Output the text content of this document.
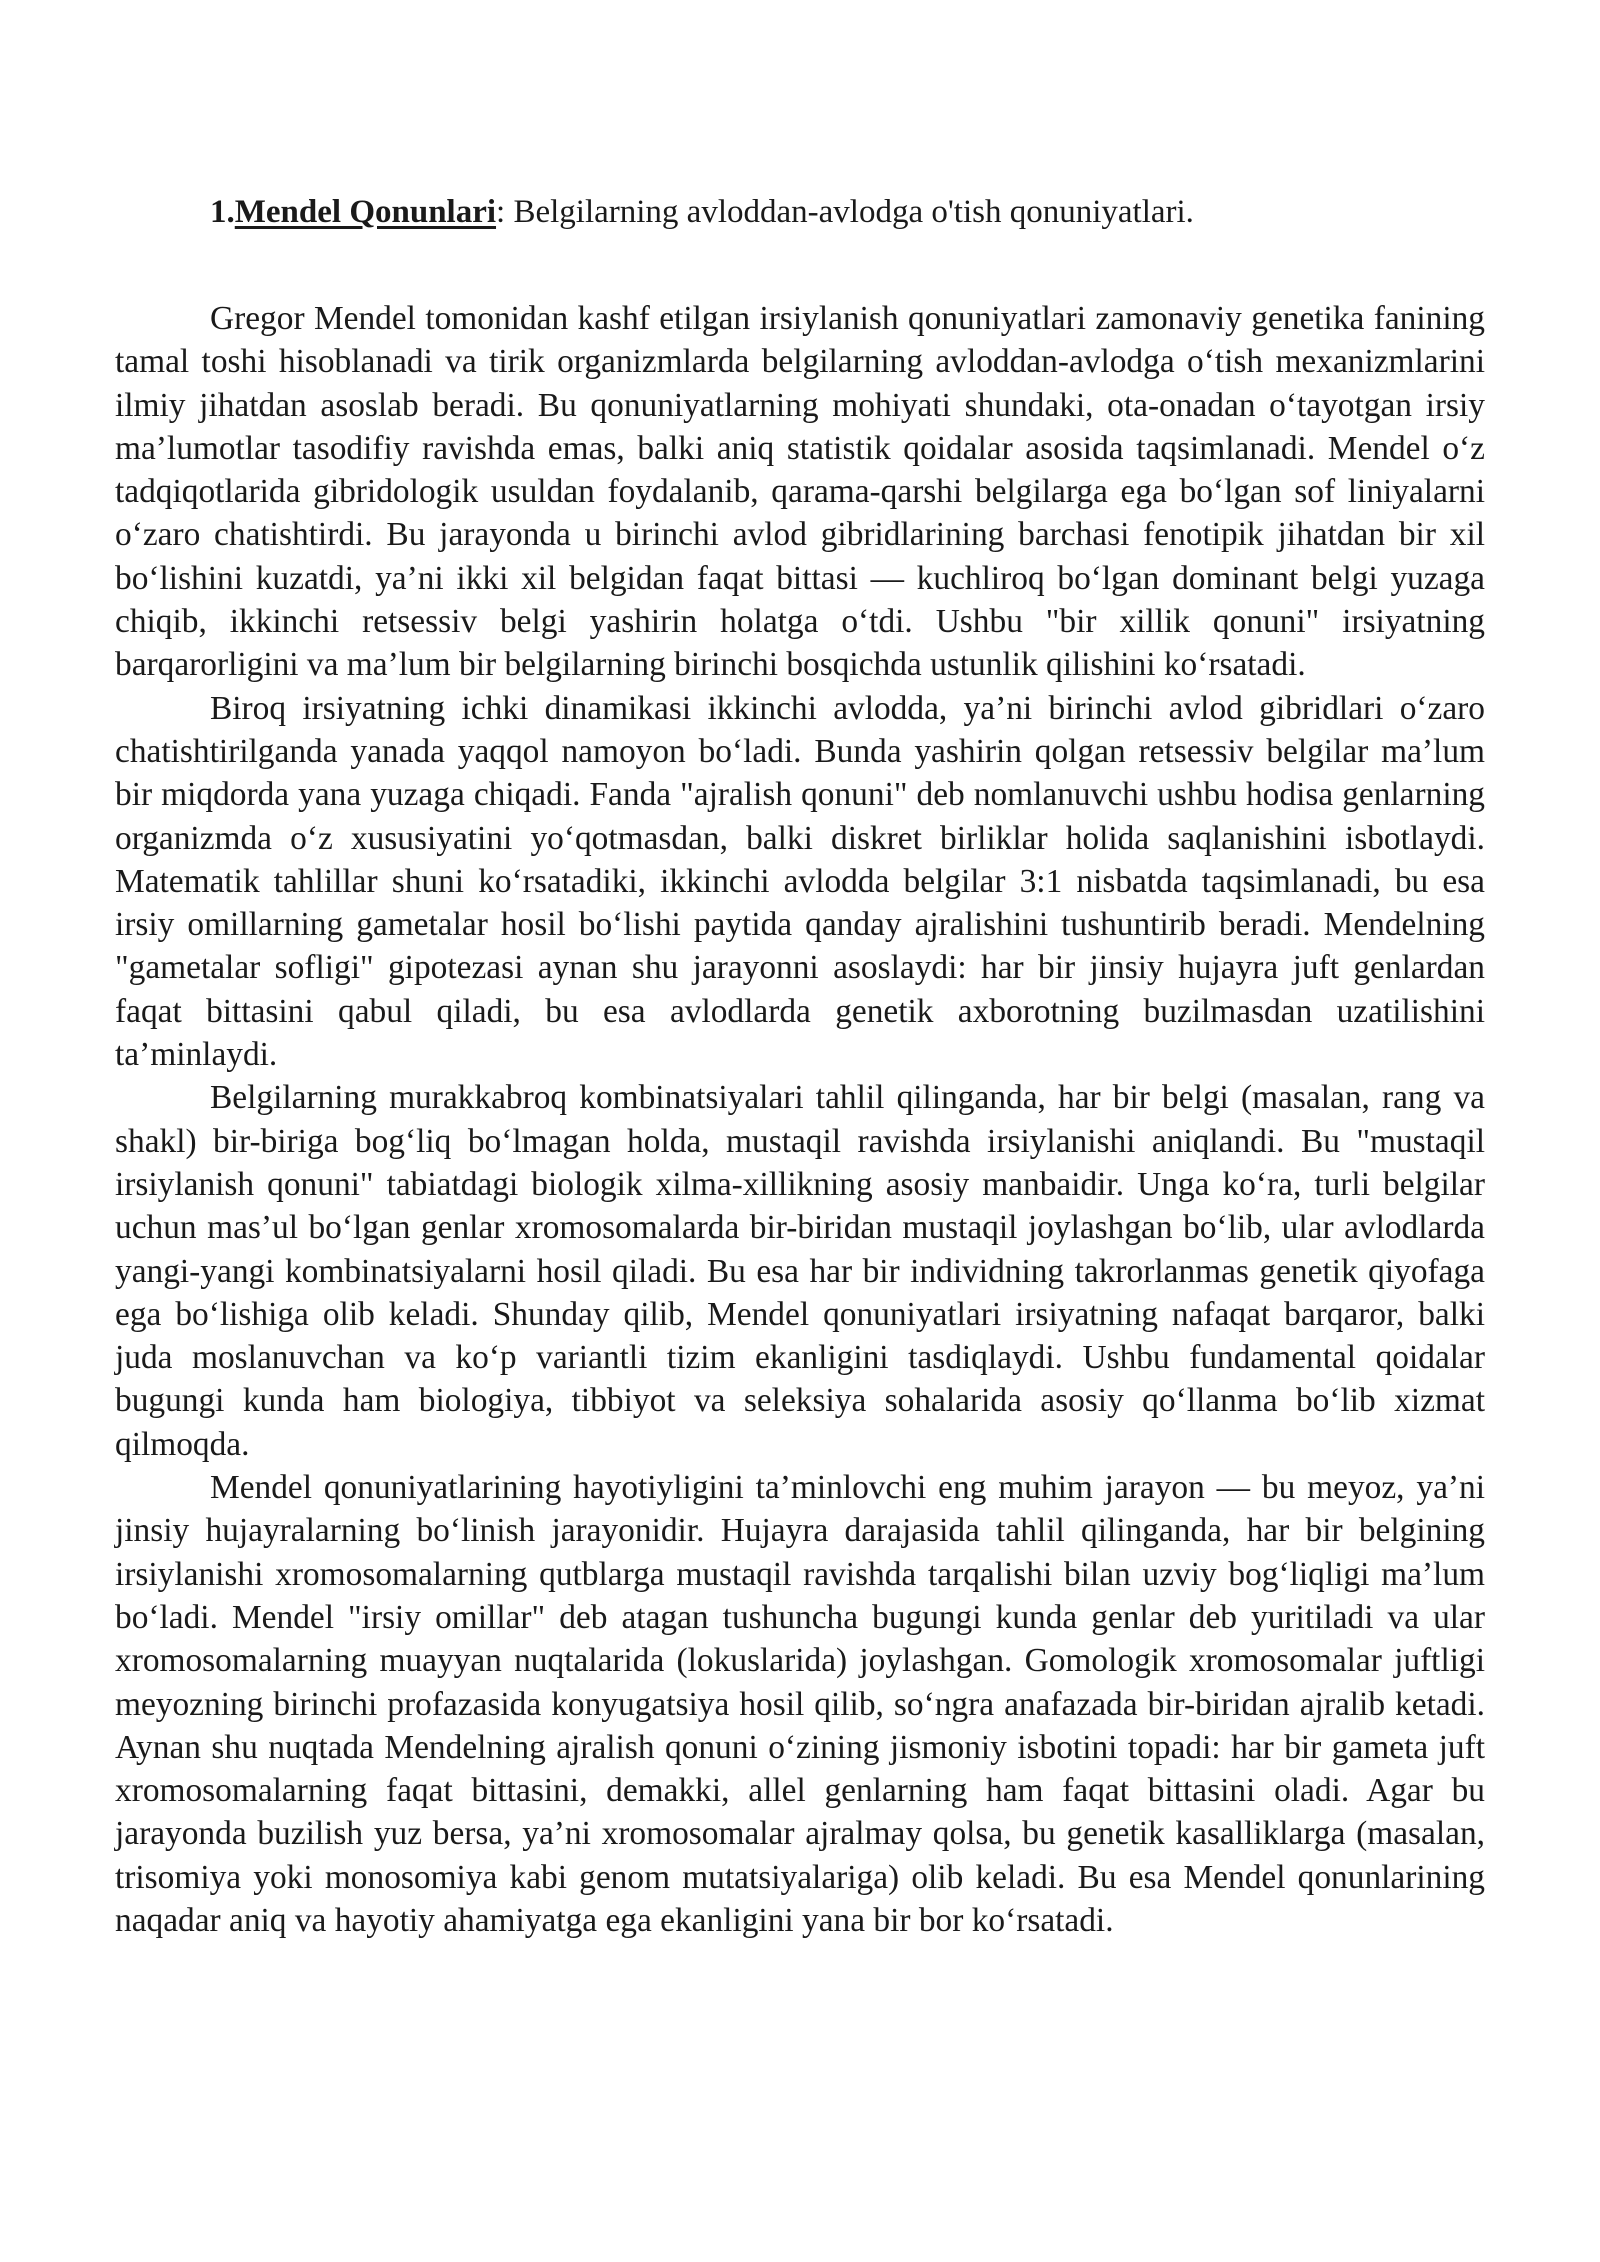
1.Mendel Qonunlari: Belgilarning avloddan-avlodga o'tish qonuniyatlari.

Gregor Mendel tomonidan kashf etilgan irsiylanish qonuniyatlari zamonaviy genetika fanining tamal toshi hisoblanadi va tirik organizmlarda belgilarning avloddan-avlodga o‘tish mexanizmlarini ilmiy jihatdan asoslab beradi. Bu qonuniyatlarning mohiyati shundaki, ota-onadan o‘tayotgan irsiy ma’lumotlar tasodifiy ravishda emas, balki aniq statistik qoidalar asosida taqsimlanadi. Mendel o‘z tadqiqotlarida gibridologik usuldan foydalanib, qarama-qarshi belgilarga ega bo‘lgan sof liniyalarni o‘zaro chatishtirdi. Bu jarayonda u birinchi avlod gibridlarining barchasi fenotipik jihatdan bir xil bo‘lishini kuzatdi, ya’ni ikki xil belgidan faqat bittasi — kuchliroq bo‘lgan dominant belgi yuzaga chiqib, ikkinchi retsessiv belgi yashirin holatga o‘tdi. Ushbu "bir xillik qonuni" irsiyatning barqarorligini va ma’lum bir belgilarning birinchi bosqichda ustunlik qilishini ko‘rsatadi.

Biroq irsiyatning ichki dinamikasi ikkinchi avlodda, ya’ni birinchi avlod gibridlari o‘zaro chatishtirilganda yanada yaqqol namoyon bo‘ladi. Bunda yashirin qolgan retsessiv belgilar ma’lum bir miqdorda yana yuzaga chiqadi. Fanda "ajralish qonuni" deb nomlanuvchi ushbu hodisa genlarning organizmda o‘z xususiyatini yo‘qotmasdan, balki diskret birliklar holida saqlanishini isbotlaydi. Matematik tahlillar shuni ko‘rsatadiki, ikkinchi avlodda belgilar 3:1 nisbatda taqsimlanadi, bu esa irsiy omillarning gametalar hosil bo‘lishi paytida qanday ajralishini tushuntirib beradi. Mendelning "gametalar sofligi" gipotezasi aynan shu jarayonni asoslaydi: har bir jinsiy hujayra juft genlardan faqat bittasini qabul qiladi, bu esa avlodlarda genetik axborotning buzilmasdan uzatilishini ta’minlaydi.

Belgilarning murakkabroq kombinatsiyalari tahlil qilinganda, har bir belgi (masalan, rang va shakl) bir-biriga bog‘liq bo‘lmagan holda, mustaqil ravishda irsiylanishi aniqlandi. Bu "mustaqil irsiylanish qonuni" tabiatdagi biologik xilma-xillikning asosiy manbaidir. Unga ko‘ra, turli belgilar uchun mas’ul bo‘lgan genlar xromosomalarda bir-biridan mustaqil joylashgan bo‘lib, ular avlodlarda yangi-yangi kombinatsiyalarni hosil qiladi. Bu esa har bir individning takrorlanmas genetik qiyofaga ega bo‘lishiga olib keladi. Shunday qilib, Mendel qonuniyatlari irsiyatning nafaqat barqaror, balki juda moslanuvchan va ko‘p variantli tizim ekanligini tasdiqlaydi. Ushbu fundamental qoidalar bugungi kunda ham biologiya, tibbiyot va seleksiya sohalarida asosiy qo‘llanma bo‘lib xizmat qilmoqda.

Mendel qonuniyatlarining hayotiyligini ta’minlovchi eng muhim jarayon — bu meyoz, ya’ni jinsiy hujayralarning bo‘linish jarayonidir. Hujayra darajasida tahlil qilinganda, har bir belgining irsiylanishi xromosomalarning qutblarga mustaqil ravishda tarqalishi bilan uzviy bog‘liqligi ma’lum bo‘ladi. Mendel "irsiy omillar" deb atagan tushuncha bugungi kunda genlar deb yuritiladi va ular xromosomalarning muayyan nuqtalarida (lokuslarida) joylashgan. Gomologik xromosomalar juftligi meyozning birinchi profazasida konyugatsiya hosil qilib, so‘ngra anafazada bir-biridan ajralib ketadi. Aynan shu nuqtada Mendelning ajralish qonuni o‘zining jismoniy isbotini topadi: har bir gameta juft xromosomalarning faqat bittasini, demakki, allel genlarning ham faqat bittasini oladi. Agar bu jarayonda buzilish yuz bersa, ya’ni xromosomalar ajralmay qolsa, bu genetik kasalliklarga (masalan, trisomiya yoki monosomiya kabi genom mutatsiyalariga) olib keladi. Bu esa Mendel qonunlarining naqadar aniq va hayotiy ahamiyatga ega ekanligini yana bir bor ko‘rsatadi.
